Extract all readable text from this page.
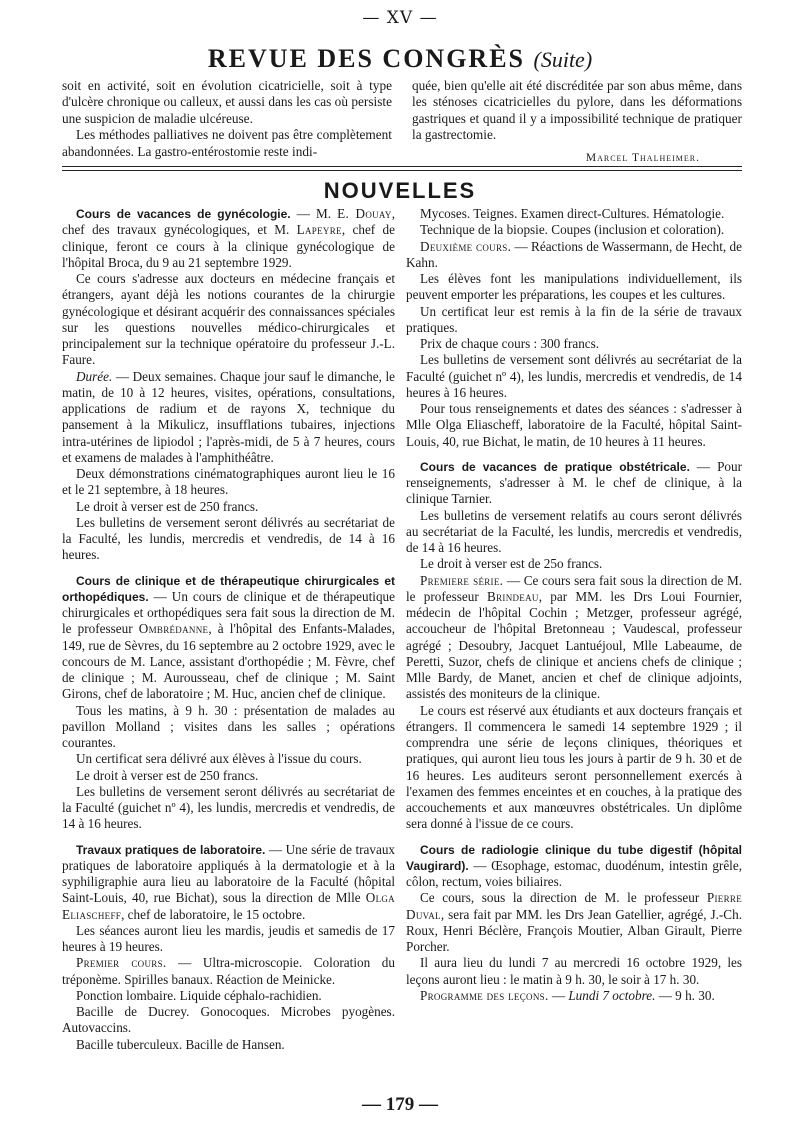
— XV —
REVUE DES CONGRÈS (Suite)

soit en activité, soit en évolution cicatricielle, soit à type d'ulcère chronique ou calleux, et aussi dans les cas où persiste une suspicion de maladie ulcéreuse.

Les méthodes palliatives ne doivent pas être complètement abandonnées. La gastro-entérostomie reste indi-

quée, bien qu'elle ait été discréditée par son abus même, dans les sténoses cicatricielles du pylore, dans les déformations gastriques et quand il y a impossibilité technique de pratiquer la gastrectomie.

Marcel Thalheimer.

NOUVELLES

Cours de vacances de gynécologie. — M. E. Douay, chef des travaux gynécologiques, et M. Lapeyre, chef de clinique, feront ce cours à la clinique gynécologique de l'hôpital Broca, du 9 au 21 septembre 1929.

Ce cours s'adresse aux docteurs en médecine français et étrangers, ayant déjà les notions courantes de la chirurgie gynécologique et désirant acquérir des connaissances spéciales sur les questions nouvelles médico-chirurgicales et principalement sur la technique opératoire du professeur J.-L. Faure.

Durée. — Deux semaines. Chaque jour sauf le dimanche, le matin, de 10 à 12 heures, visites, opérations, consultations, applications de radium et de rayons X, technique du pansement à la Mikulicz, insufflations tubaires, injections intra-utérines de lipiodol ; l'après-midi, de 5 à 7 heures, cours et examens de malades à l'amphithéâtre.

Deux démonstrations cinématographiques auront lieu le 16 et le 21 septembre, à 18 heures.

Le droit à verser est de 250 francs.

Les bulletins de versement seront délivrés au secrétariat de la Faculté, les lundis, mercredis et vendredis, de 14 à 16 heures.

Cours de clinique et de thérapeutique chirurgicales et orthopédiques. — Un cours de clinique et de thérapeutique chirurgicales et orthopédiques sera fait sous la direction de M. le professeur Ombrédanne, à l'hôpital des Enfants-Malades, 149, rue de Sèvres, du 16 septembre au 2 octobre 1929, avec le concours de M. Lance, assistant d'orthopédie ; M. Fèvre, chef de clinique ; M. Aurousseau, chef de clinique ; M. Saint Girons, chef de laboratoire ; M. Huc, ancien chef de clinique.

Tous les matins, à 9 h. 30 : présentation de malades au pavillon Molland ; visites dans les salles ; opérations courantes.

Un certificat sera délivré aux élèves à l'issue du cours.

Le droit à verser est de 250 francs.

Les bulletins de versement seront délivrés au secrétariat de la Faculté (guichet nº 4), les lundis, mercredis et vendredis, de 14 à 16 heures.

Travaux pratiques de laboratoire. — Une série de travaux pratiques de laboratoire appliqués à la dermatologie et à la syphiligraphie aura lieu au laboratoire de la Faculté (hôpital Saint-Louis, 40, rue Bichat), sous la direction de Mlle Olga Eliascheff, chef de laboratoire, le 15 octobre.

Les séances auront lieu les mardis, jeudis et samedis de 17 heures à 19 heures.

Premier cours. — Ultra-microscopie. Coloration du tréponème. Spirilles banaux. Réaction de Meinicke.

Ponction lombaire. Liquide céphalo-rachidien.

Bacille de Ducrey. Gonocoques. Microbes pyogènes. Autovaccins.

Bacille tuberculeux. Bacille de Hansen.

Mycoses. Teignes. Examen direct-Cultures. Hématologie.

Technique de la biopsie. Coupes (inclusion et coloration).

Deuxième cours. — Réactions de Wassermann, de Hecht, de Kahn.

Les élèves font les manipulations individuellement, ils peuvent emporter les préparations, les coupes et les cultures.

Un certificat leur est remis à la fin de la série de travaux pratiques.

Prix de chaque cours : 300 francs.

Les bulletins de versement sont délivrés au secrétariat de la Faculté (guichet nº 4), les lundis, mercredis et vendredis, de 14 heures à 16 heures.

Pour tous renseignements et dates des séances : s'adresser à Mlle Olga Eliascheff, laboratoire de la Faculté, hôpital Saint-Louis, 40, rue Bichat, le matin, de 10 heures à 11 heures.

Cours de vacances de pratique obstétricale. — Pour renseignements, s'adresser à M. le chef de clinique, à la clinique Tarnier.

Les bulletins de versement relatifs au cours seront délivrés au secrétariat de la Faculté, les lundis, mercredis et vendredis, de 14 à 16 heures.

Le droit à verser est de 25o francs.

Premiere série. — Ce cours sera fait sous la direction de M. le professeur Brindeau, par MM. les Drs Loui Fournier, médecin de l'hôpital Cochin ; Metzger, professeur agrégé, accoucheur de l'hôpital Bretonneau ; Vaudescal, professeur agrégé ; Desoubry, Jacquet Lantuéjoul, Mlle Labeaume, de Peretti, Suzor, chefs de clinique et anciens chefs de clinique ; Mlle Bardy, de Manet, ancien et chef de clinique adjoints, assistés des moniteurs de la clinique.

Le cours est réservé aux étudiants et aux docteurs français et étrangers. Il commencera le samedi 14 septembre 1929 ; il comprendra une série de leçons cliniques, théoriques et pratiques, qui auront lieu tous les jours à partir de 9 h. 30 et de 16 heures. Les auditeurs seront personnellement exercés à l'examen des femmes enceintes et en couches, à la pratique des accouchements et aux manœuvres obstétricales. Un diplôme sera donné à l'issue de ce cours.

Cours de radiologie clinique du tube digestif (hôpital Vaugirard). — Œsophage, estomac, duodénum, intestin grêle, côlon, rectum, voies biliaires.

Ce cours, sous la direction de M. le professeur Pierre Duval, sera fait par MM. les Drs Jean Gatellier, agrégé, J.-Ch. Roux, Henri Béclère, François Moutier, Alban Girault, Pierre Porcher.

Il aura lieu du lundi 7 au mercredi 16 octobre 1929, les leçons auront lieu : le matin à 9 h. 30, le soir à 17 h. 30.

Programme des leçons. — Lundi 7 octobre. — 9 h. 30.

— 179 —
